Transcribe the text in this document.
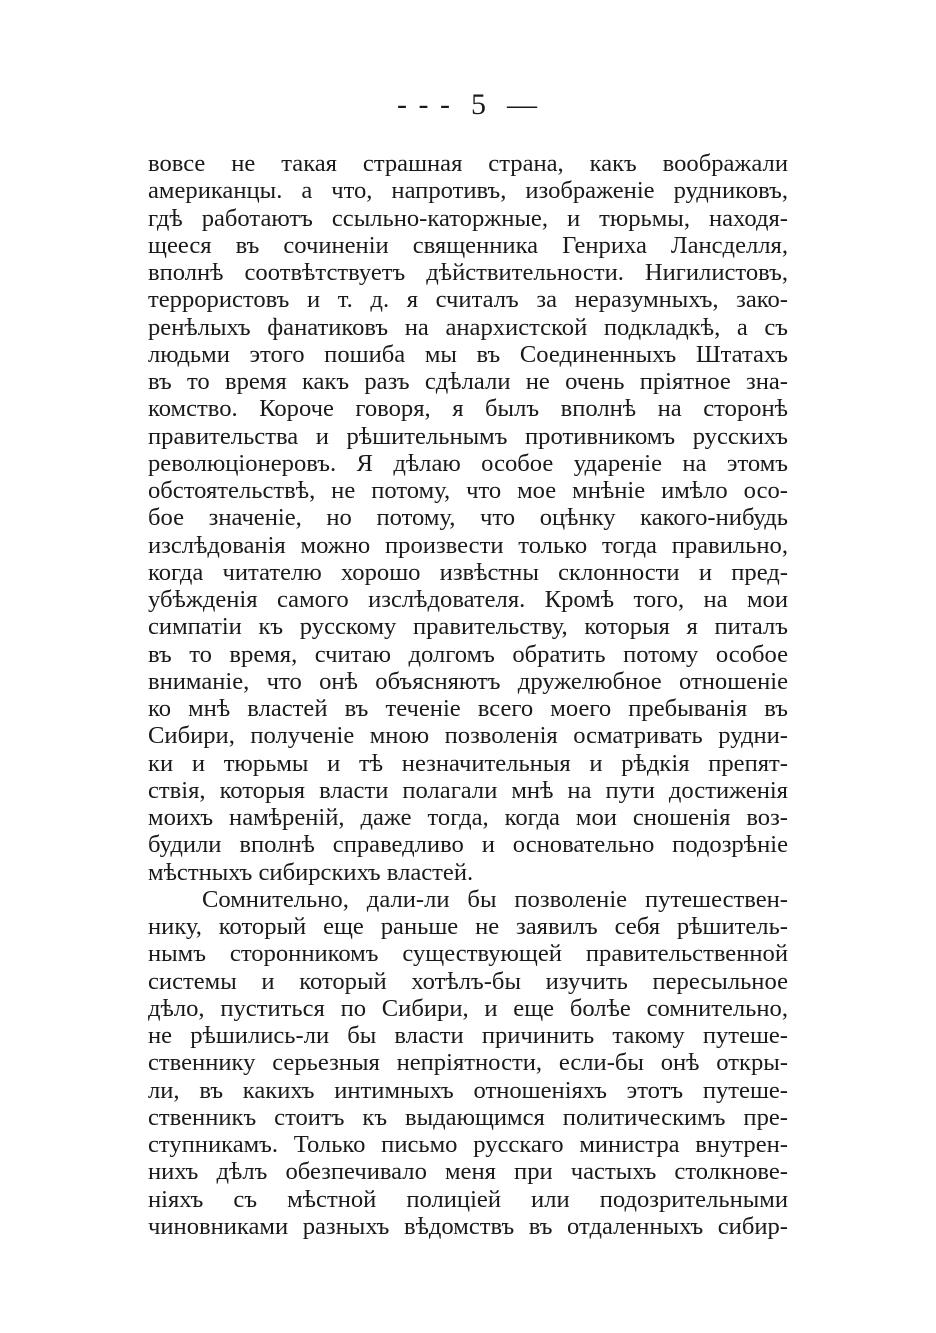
- - -  5  —
вовсе не такая страшная страна, какъ воображали
американцы. а что, напротивъ, изображенiе рудниковъ,
гдѣ работаютъ ссыльно-каторжные, и тюрьмы, находя-
щееся въ сочиненiи священника Генриха Лансделля,
вполнѣ соотвѣтствуетъ дѣйствительности. Нигилистовъ,
террористовъ и т. д. я считалъ за неразумныхъ, зако-
ренѣлыхъ фанатиковъ на анархистской подкладкѣ, а съ
людьми этого пошиба мы въ Соединенныхъ Штатахъ
въ то время какъ разъ сдѣлали не очень прiятное зна-
комство. Короче говоря, я былъ вполнѣ на сторонѣ
правительства и рѣшительнымъ противникомъ русскихъ
революцiонеровъ. Я дѣлаю особое ударенiе на этомъ
обстоятельствѣ, не потому, что мое мнѣнiе имѣло осо-
бое значенiе, но потому, что оцѣнку какого-нибудь
изслѣдованiя можно произвести только тогда правильно,
когда читателю хорошо извѣстны склонности и пред-
убѣжденiя самого изслѣдователя. Кромѣ того, на мои
симпатiи къ русскому правительству, которыя я питалъ
въ то время, считаю долгомъ обратить потому особое
вниманiе, что онѣ объясняютъ дружелюбное отношенiе
ко мнѣ властей въ теченiе всего моего пребыванiя въ
Сибири, полученiе мною позволенiя осматривать рудни-
ки и тюрьмы и тѣ незначительныя и рѣдкiя препят-
ствiя, которыя власти полагали мнѣ на пути достиженiя
моихъ намѣренiй, даже тогда, когда мои сношенiя воз-
будили вполнѣ справедливо и основательно подозрѣнiе
мѣстныхъ сибирскихъ властей.
Сомнительно, дали-ли бы позволенiе путешествен-
нику, который еще раньше не заявилъ себя рѣшитель-
нымъ сторонникомъ существующей правительственной
системы и который хотѣлъ-бы изучить пересыльное
дѣло, пуститься по Сибири, и еще болѣе сомнительно,
не рѣшились-ли бы власти причинить такому путеше-
ственнику серьезныя непрiятности, если-бы онѣ откры-
ли, въ какихъ интимныхъ отношенiяхъ этотъ путеше-
ственникъ стоитъ къ выдающимся политическимъ пре-
ступникамъ. Только письмо русскаго министра внутрен-
нихъ дѣлъ обезпечивало меня при частыхъ столкнове-
нiяхъ съ мѣстной полицiей или подозрительными
чиновниками разныхъ вѣдомствъ въ отдаленныхъ сибир-
